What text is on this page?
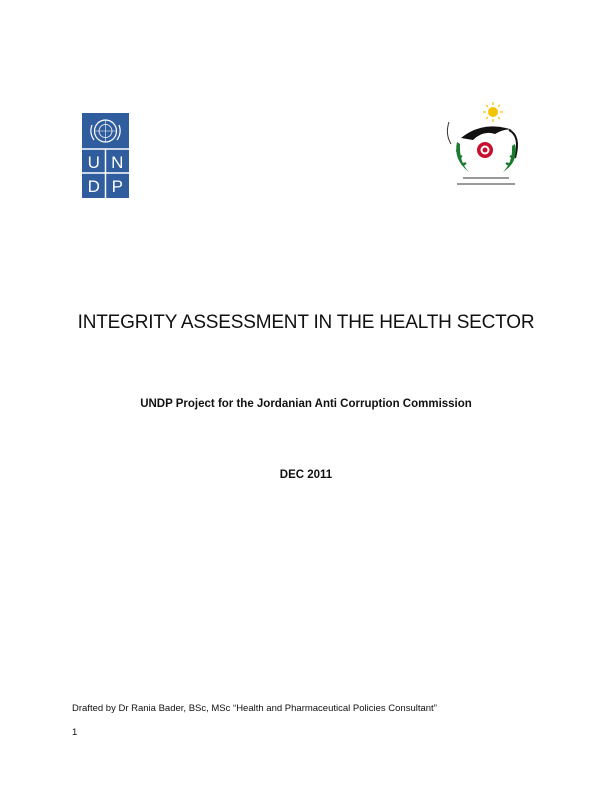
U N
D P
INTEGRITY ASSESSMENT IN THE HEALTH SECTOR
UNDP Project for the Jordanian Anti Corruption Commission
DEC 2011
Drafted by Dr Rania Bader, BSc, MSc “Health and Pharmaceutical Policies Consultant”
1
